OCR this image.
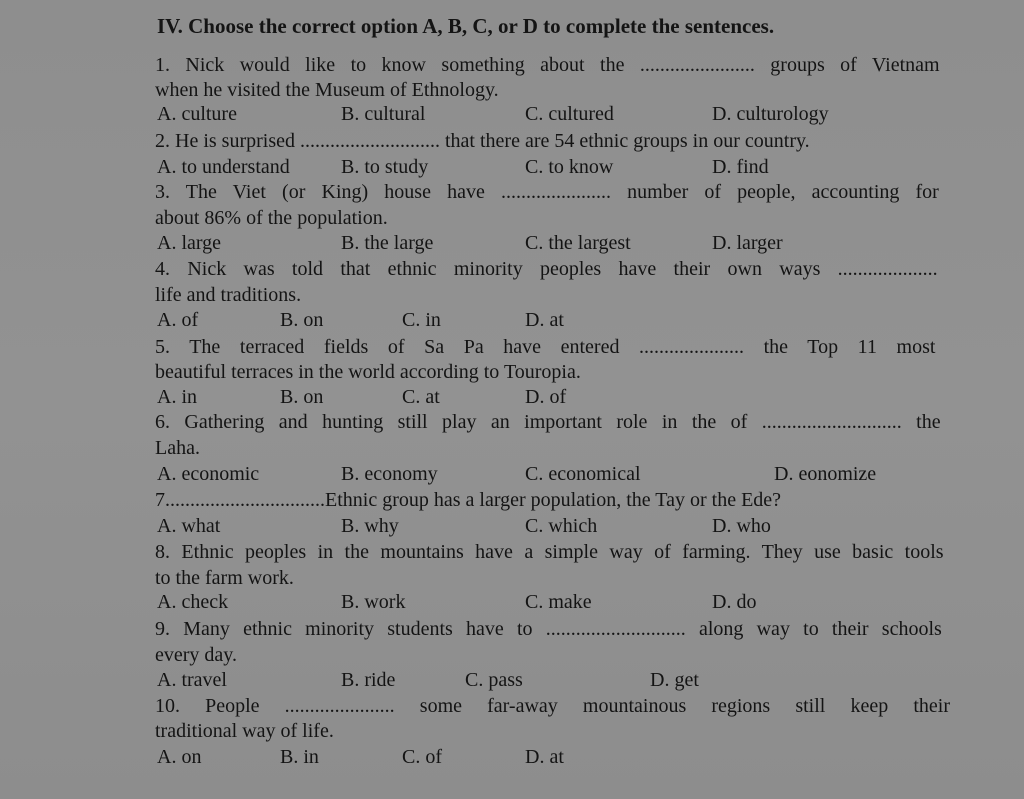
IV. Choose the correct option A, B, C, or D to complete the sentences.
1. Nick would like to know something about the ....................... groups of Vietnam
when he visited the Museum of Ethnology.
A. culture	B. cultural	C. cultured	D. culturology
2. He is surprised ............................ that there are 54 ethnic groups in our country.
A. to understand	B. to study	C. to know	D. find
3. The Viet (or King) house have ...................... number of people, accounting for
about 86% of the population.
A. large	B. the large	C. the largest	D. larger
4. Nick was told that ethnic minority peoples have their own ways ....................
life and traditions.
A. of	B. on	C. in	D. at
5. The terraced fields of Sa Pa have entered ..................... the Top 11 most
beautiful terraces in the world according to Touropia.
A. in	B. on	C. at	D. of
6. Gathering and hunting still play an important role in the of ............................ the
Laha.
A. economic	B. economy	C. economical	D. eonomize
7................................Ethnic group has a larger population, the Tay or the Ede?
A. what	B. why	C. which	D. who
8. Ethnic peoples in the mountains have a simple way of farming. They use basic tools
to the farm work.
A. check	B. work	C. make	D. do
9. Many ethnic minority students have to ............................ along way to their schools
every day.
A. travel	B. ride	C. pass	D. get
10. People ...................... some far-away mountainous regions still keep their
traditional way of life.
A. on	B. in	C. of	D. at
